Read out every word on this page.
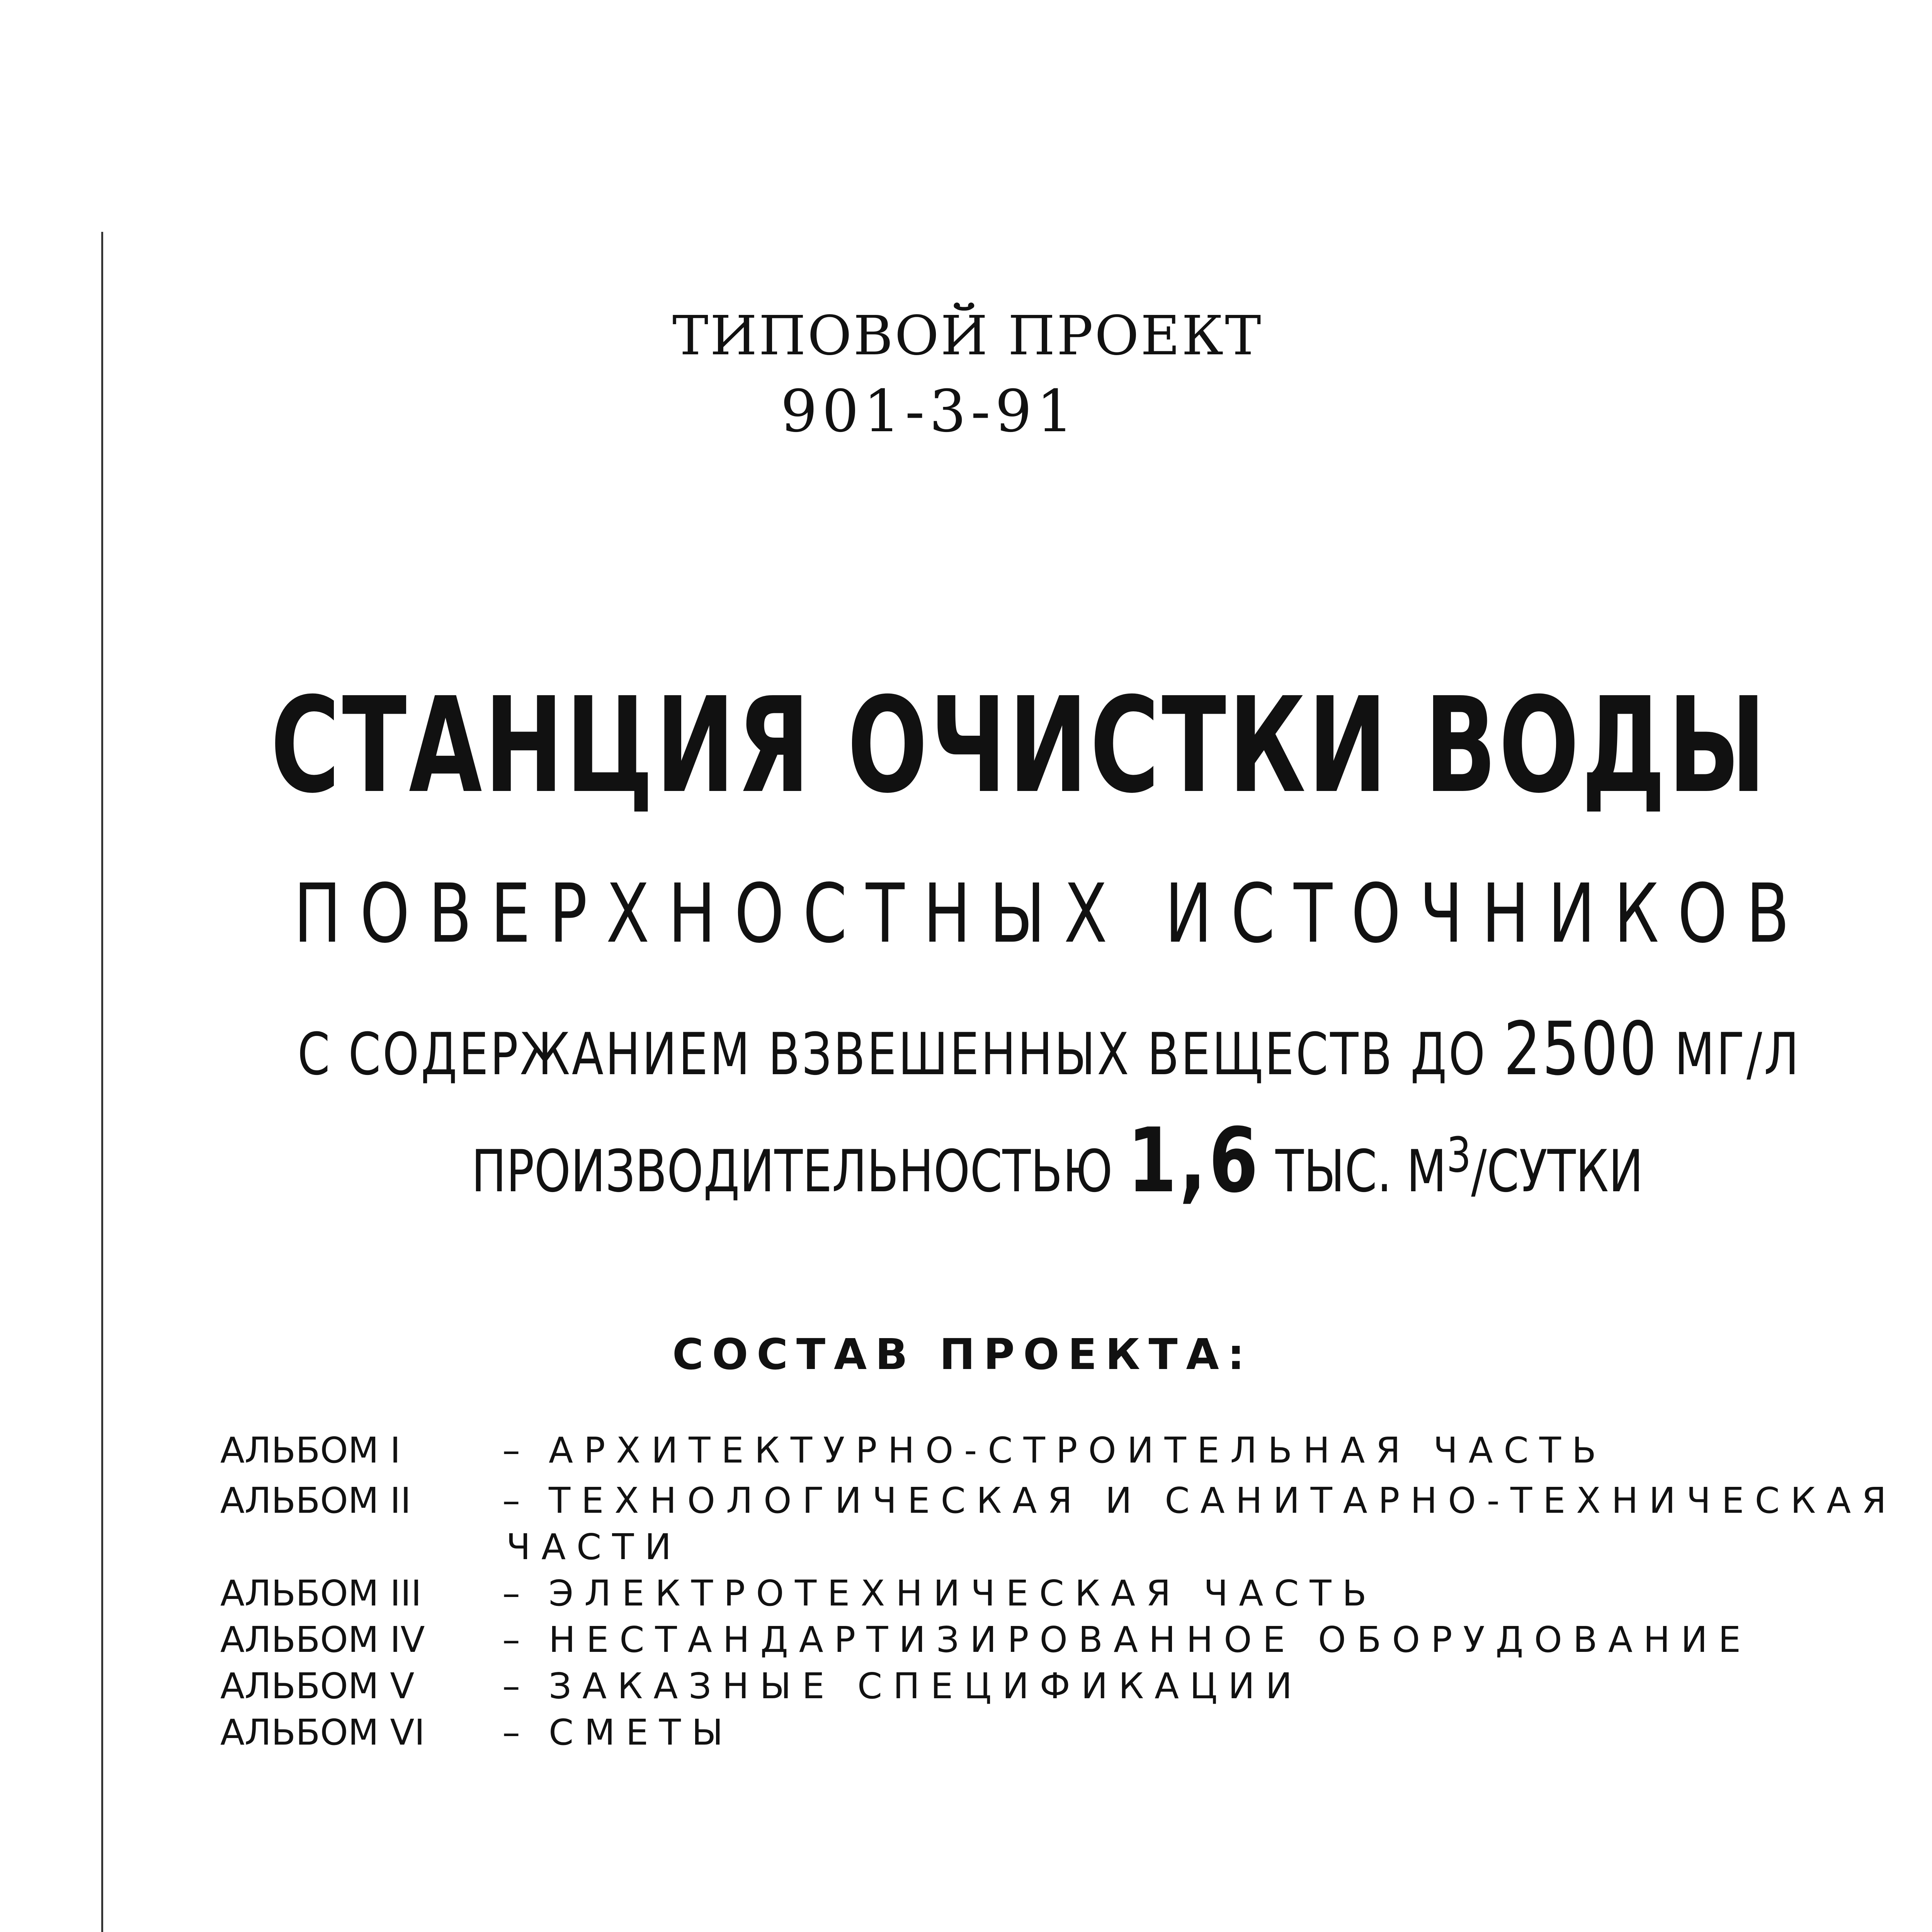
ТИПОВОЙ ПРОЕКТ
901-3-91
СТАНЦИЯ ОЧИСТКИ ВОДЫ
ПОВЕРХНОСТНЫХ ИСТОЧНИКОВ
С СОДЕРЖАНИЕМ ВЗВЕШЕННЫХ ВЕЩЕСТВ ДО 2500 МГ/Л
ПРОИЗВОДИТЕЛЬНОСТЬЮ 1,6 ТЫС. $М^3$/СУТКИ
СОСТАВ ПРОЕКТА:
АЛЬБОМ I	– АРХИТЕКТУРНО-СТРОИТЕЛЬНАЯ ЧАСТЬ
АЛЬБОМ II	– ТЕХНОЛОГИЧЕСКАЯ И САНИТАРНО-ТЕХНИЧЕСКАЯ
ЧАСТИ
АЛЬБОМ III – ЭЛЕКТРОТЕХНИЧЕСКАЯ ЧАСТЬ
АЛЬБОМ IV – НЕСТАНДАРТИЗИРОВАННОЕ ОБОРУДОВАНИЕ
АЛЬБОМ V – ЗАКАЗНЫЕ СПЕЦИФИКАЦИИ
АЛЬБОМ VI – СМЕТЫ
